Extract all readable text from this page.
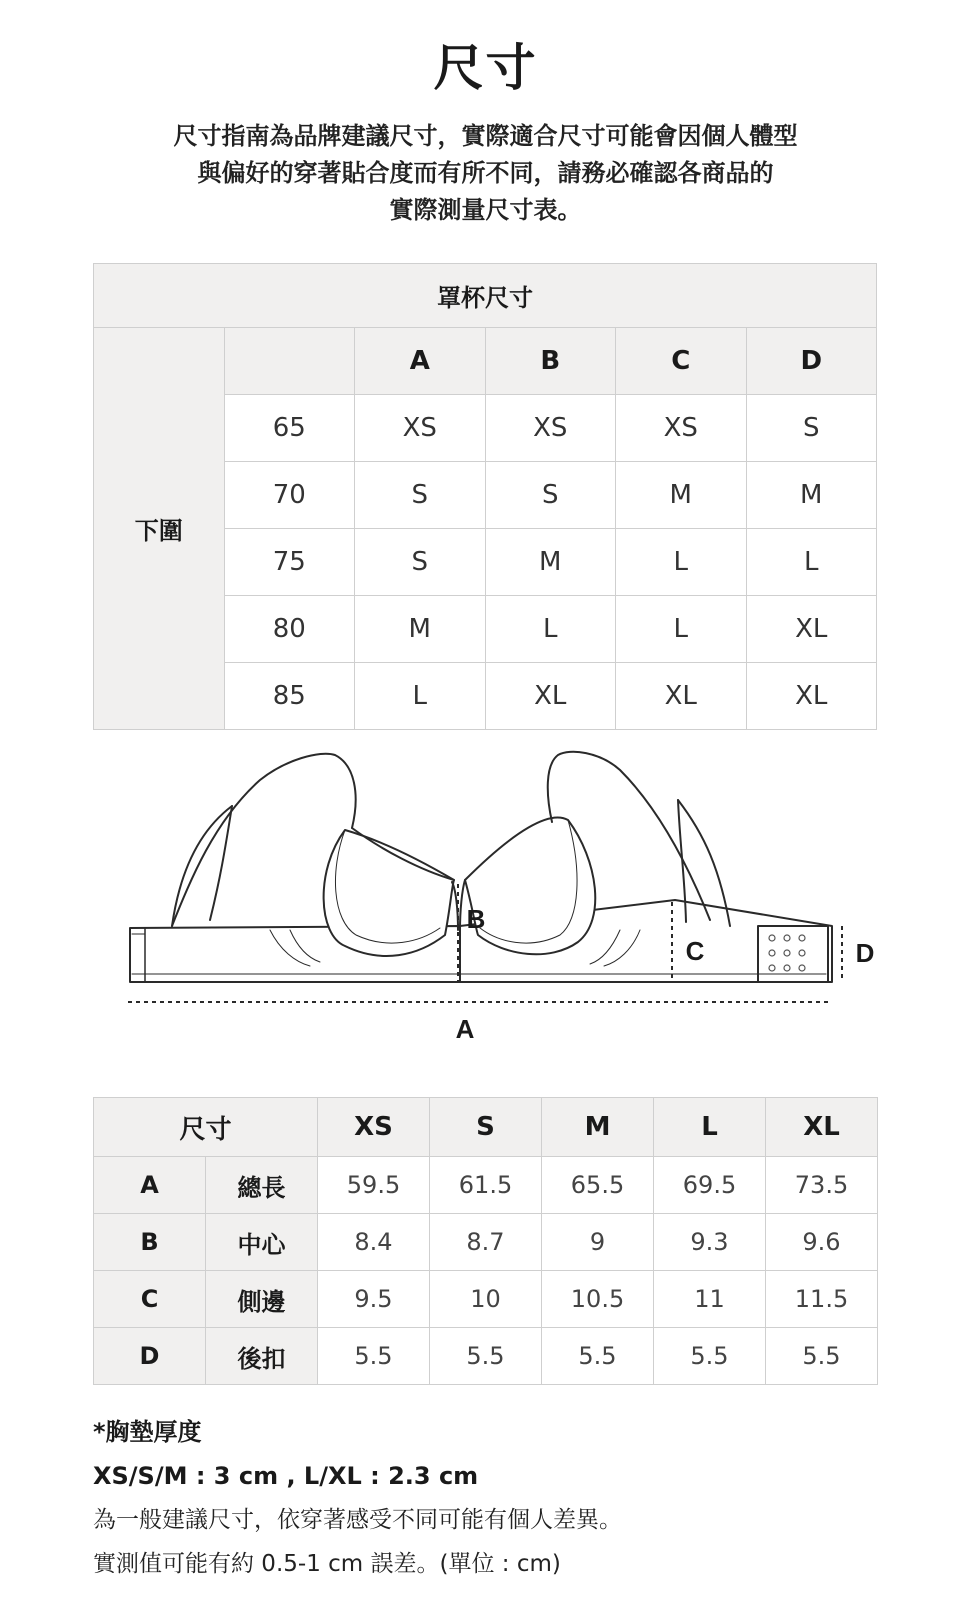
尺寸
尺寸指南為品牌建議尺寸，實際適合尺寸可能會因個人體型
與偏好的穿著貼合度而有所不同，請務必確認各商品的
實際測量尺寸表。
罩杯尺寸					
下圍		A	B	C	D
	65	XS	XS	XS	S
	70	S	S	M	M
	75	S	M	L	L
	80	M	L	L	XL
	85	L	XL	XL	XL
A
B
C	D
尺寸		XS	S	M	L	XL
A	總長	59.5	61.5	65.5	69.5	73.5
B	中心	8.4	8.7	9	9.3	9.6
C	側邊	9.5	10	10.5	11	11.5
D	後扣	5.5	5.5	5.5	5.5	5.5
*胸墊厚度
XS/S/M : 3 cm , L/XL : 2.3 cm
為一般建議尺寸，依穿著感受不同可能有個人差異。
實測值可能有約 0.5-1 cm 誤差。(單位 : cm)
